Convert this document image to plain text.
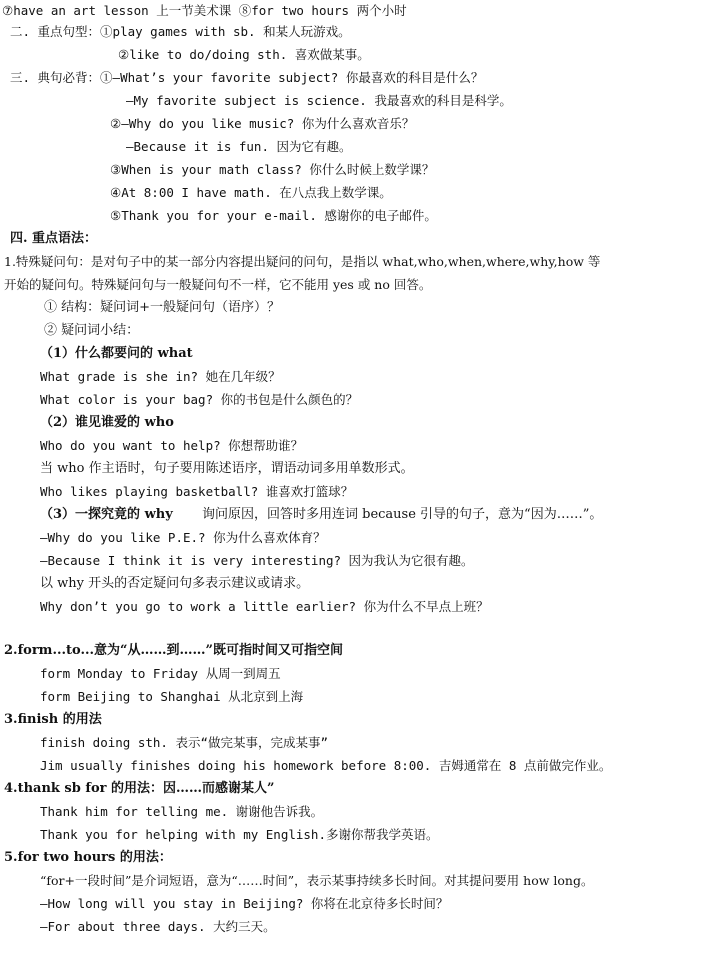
⑦have an art lesson 上一节美术课 ⑧for two hours 两个小时
二. 重点句型：①play games with sb. 和某人玩游戏。
②like to do/doing sth. 喜欢做某事。
三. 典句必背：①—What’s your favorite subject? 你最喜欢的科目是什么？
—My favorite subject is science. 我最喜欢的科目是科学。
②—Why do you like music? 你为什么喜欢音乐？
—Because it is fun. 因为它有趣。
③When is your math class? 你什么时候上数学课？
④At 8:00 I have math. 在八点我上数学课。
⑤Thank you for your e-mail. 感谢你的电子邮件。
四. 重点语法：
1.特殊疑问句：是对句子中的某一部分内容提出疑问的问句，是指以 what,who,when,where,why,how 等
开始的疑问句。特殊疑问句与一般疑问句不一样，它不能用 yes 或 no 回答。
① 结构：疑问词+一般疑问句（语序）？
② 疑问词小结：
（1）什么都要问的 what
What grade is she in? 她在几年级？
What color is your bag? 你的书包是什么颜色的？
（2）谁见谁爱的 who
Who do you want to help? 你想帮助谁？
当 who 作主语时，句子要用陈述语序，谓语动词多用单数形式。
Who likes playing basketball? 谁喜欢打篮球？
（3）一探究竟的 why 询问原因，回答时多用连词 because 引导的句子，意为“因为……”。
—Why do you like P.E.? 你为什么喜欢体育？
—Because I think it is very interesting? 因为我认为它很有趣。
以 why 开头的否定疑问句多表示建议或请求。
Why don’t you go to work a little earlier? 你为什么不早点上班？
2.form...to...意为“从……到……”既可指时间又可指空间
form Monday to Friday 从周一到周五
form Beijing to Shanghai 从北京到上海
3.finish 的用法
finish doing sth. 表示“做完某事，完成某事”
Jim usually finishes doing his homework before 8:00. 吉姆通常在 8 点前做完作业。
4.thank sb for 的用法：因……而感谢某人”
Thank him for telling me. 谢谢他告诉我。
Thank you for helping with my English.多谢你帮我学英语。
5.for two hours 的用法：
“for+一段时间”是介词短语，意为“……时间”，表示某事持续多长时间。对其提问要用 how long。
—How long will you stay in Beijing? 你将在北京待多长时间？
—For about three days. 大约三天。
